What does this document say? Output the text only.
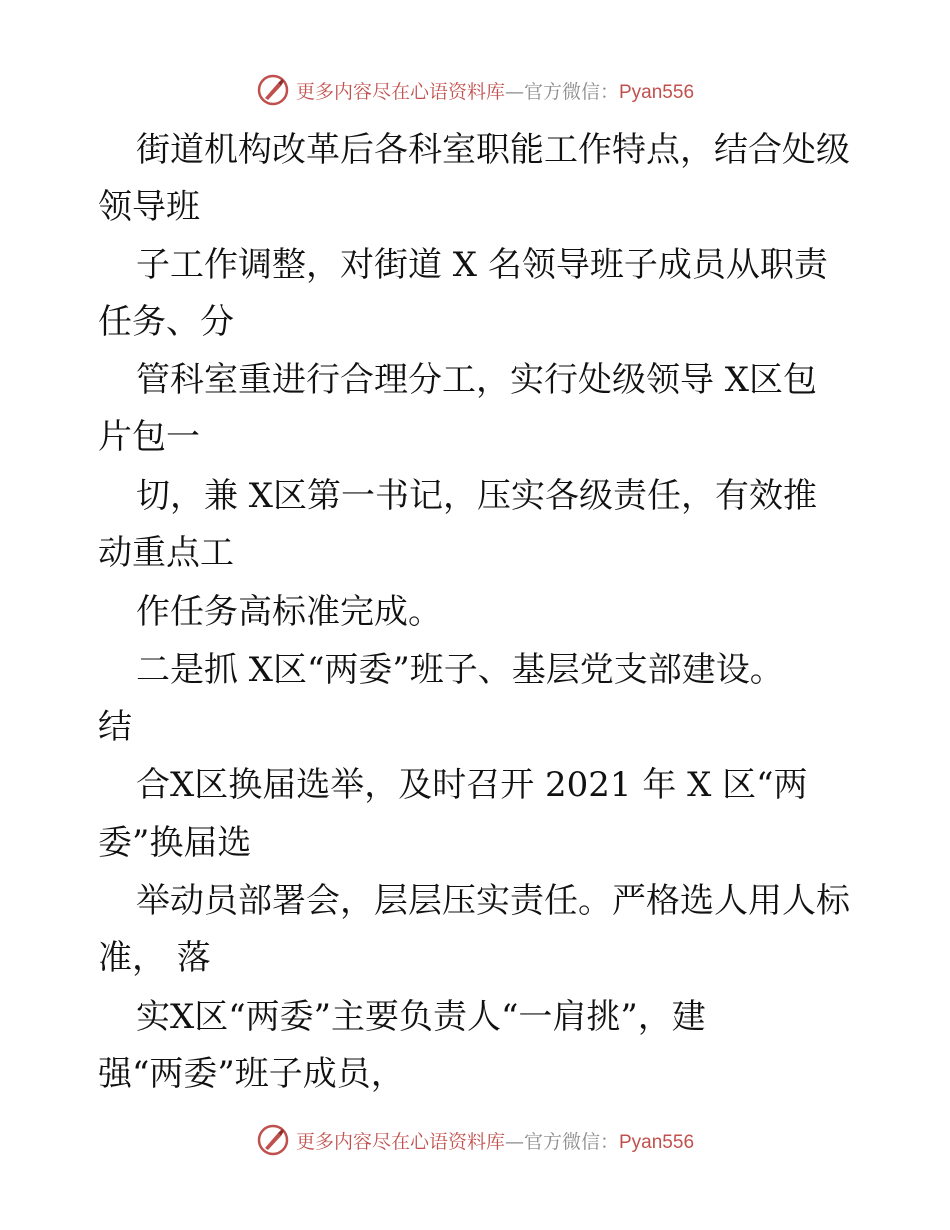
更多内容尽在心语资料库—官方微信：Pyan556
街道机构改革后各科室职能工作特点，结合处级
领导班
子工作调整，对街道 X 名领导班子成员从职责
任务、分
管科室重进行合理分工，实行处级领导 X区包
片包一
切，兼 X区第一书记，压实各级责任，有效推
动重点工
作任务高标准完成。
二是抓 X区“两委”班子、基层党支部建设。
结
合X区换届选举，及时召开 2021 年 X 区“两
委”换届选
举动员部署会，层层压实责任。严格选人用人标
准， 落
实X区“两委”主要负责人“一肩挑”，建
强“两委”班子成员，
更多内容尽在心语资料库—官方微信：Pyan556
